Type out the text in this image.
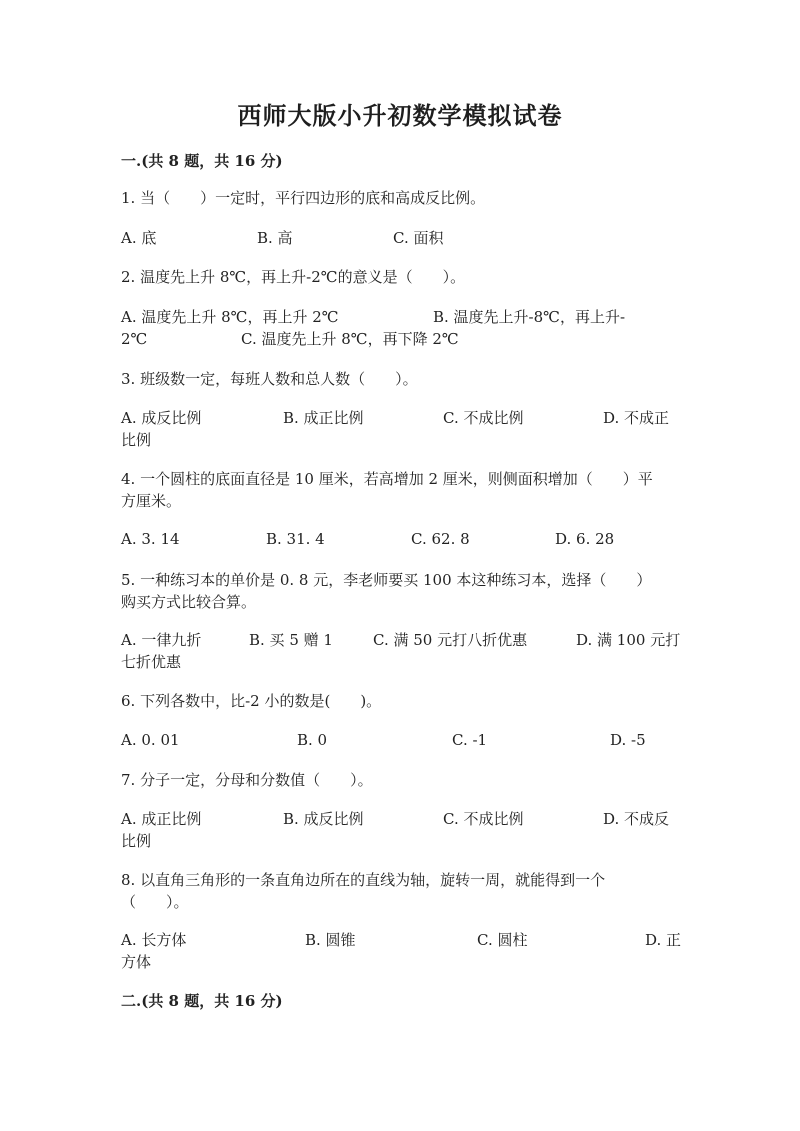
西师大版小升初数学模拟试卷
一.(共 8 题，共 16 分)
1. 当（　　）一定时，平行四边形的底和高成反比例。
A. 底	B. 高	C. 面积
2. 温度先上升 8℃，再上升-2℃的意义是（　　）。
A. 温度先上升 8℃，再上升 2℃	B. 温度先上升-8℃，再上升-
2℃	C. 温度先上升 8℃，再下降 2℃
3. 班级数一定，每班人数和总人数（　　）。
A. 成反比例	B. 成正比例	C. 不成比例	D. 不成正
比例
4. 一个圆柱的底面直径是 10 厘米，若高增加 2 厘米，则侧面积增加（　　）平
方厘米。
A. 3. 14	B. 31. 4	C. 62. 8	D. 6. 28
5. 一种练习本的单价是 0. 8 元，李老师要买 100 本这种练习本，选择（　　）
购买方式比较合算。
A. 一律九折	B. 买 5 赠 1	C. 满 50 元打八折优惠	D. 满 100 元打
七折优惠
6. 下列各数中，比-2 小的数是(　　)。
A. 0. 01	B. 0	C. -1	D. -5
7. 分子一定，分母和分数值（　　）。
A. 成正比例	B. 成反比例	C. 不成比例	D. 不成反
比例
8. 以直角三角形的一条直角边所在的直线为轴，旋转一周，就能得到一个
（　　）。
A. 长方体	B. 圆锥	C. 圆柱	D. 正
方体
二.(共 8 题，共 16 分)
